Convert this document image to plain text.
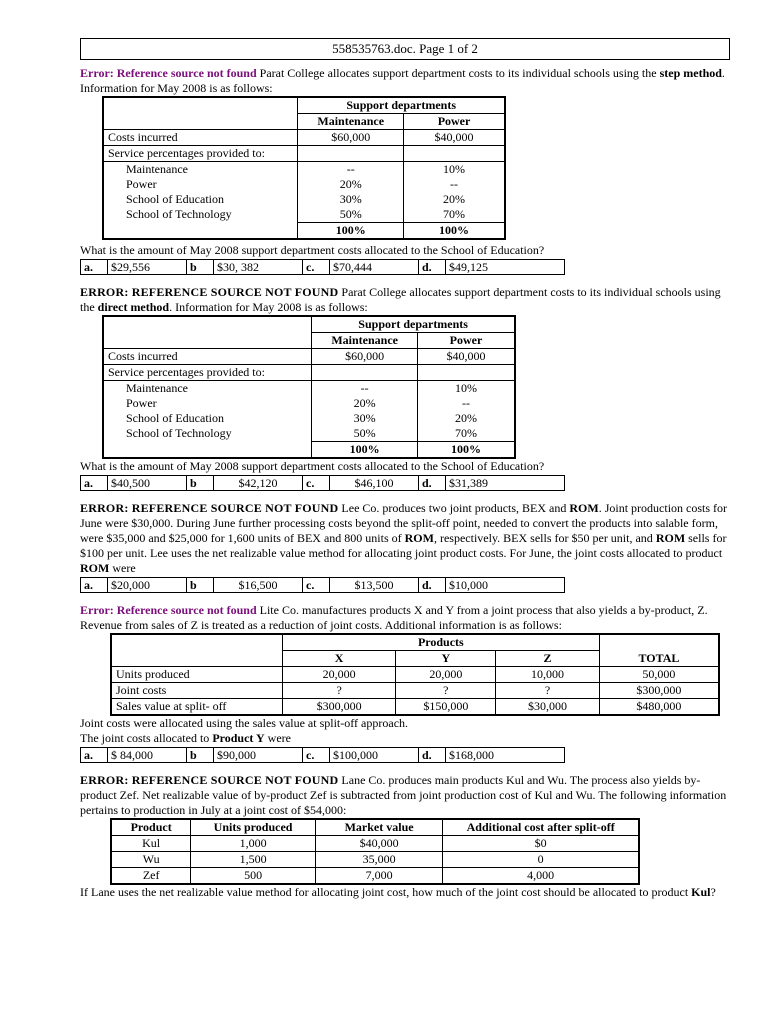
558535763.doc. Page 1 of 2

Error: Reference source not found Parat College allocates support department costs to its individual schools using the step method.

Information for May 2008 is as follows:

	Support departments	
	Maintenance	Power
Costs incurred	$60,000	$40,000
Service percentages provided to:		
Maintenance	--	10%
Power	20%	--
School of Education	30%	20%
School of Technology	50%	70%
	100%	100%

What is the amount of May 2008 support department costs allocated to the School of Education?

a.	$29,556	b	$30, 382	c.	$70,444	d.	$49,125

ERROR: REFERENCE SOURCE NOT FOUND Parat College allocates support department costs to its individual schools using the direct method. Information for May 2008 is as follows:

	Support departments	
	Maintenance	Power
Costs incurred	$60,000	$40,000
Service percentages provided to:		
Maintenance	--	10%
Power	20%	--
School of Education	30%	20%
School of Technology	50%	70%
	100%	100%

What is the amount of May 2008 support department costs allocated to the School of Education?

a.	$40,500	b	$42,120	c.	$46,100	d.	$31,389

ERROR: REFERENCE SOURCE NOT FOUND Lee Co. produces two joint products, BEX and ROM. Joint production costs for June were $30,000. During June further processing costs beyond the split-off point, needed to convert the products into salable form, were $35,000 and $25,000 for 1,600 units of BEX and 800 units of ROM, respectively. BEX sells for $50 per unit, and ROM sells for $100 per unit. Lee uses the net realizable value method for allocating joint product costs. For June, the joint costs allocated to product ROM were

a.	$20,000	b	$16,500	c.	$13,500	d.	$10,000

Error: Reference source not found Lite Co. manufactures products X and Y from a joint process that also yields a by-product, Z. Revenue from sales of Z is treated as a reduction of joint costs. Additional information is as follows:

	Products			
	X	Y	Z	TOTAL
Units produced	20,000	20,000	10,000	50,000
Joint costs	?	?	?	$300,000
Sales value at split- off	$300,000	$150,000	$30,000	$480,000

Joint costs were allocated using the sales value at split-off approach.

The joint costs allocated to Product Y were

a.	$ 84,000	b	$90,000	c.	$100,000	d.	$168,000

ERROR: REFERENCE SOURCE NOT FOUND Lane Co. produces main products Kul and Wu. The process also yields by-product Zef. Net realizable value of by-product Zef is subtracted from joint production cost of Kul and Wu. The following information pertains to production in July at a joint cost of $54,000:

Product	Units produced	Market value	Additional cost after split-off
Kul	1,000	$40,000	$0
Wu	1,500	35,000	0
Zef	500	7,000	4,000

If Lane uses the net realizable value method for allocating joint cost, how much of the joint cost should be allocated to product Kul?
